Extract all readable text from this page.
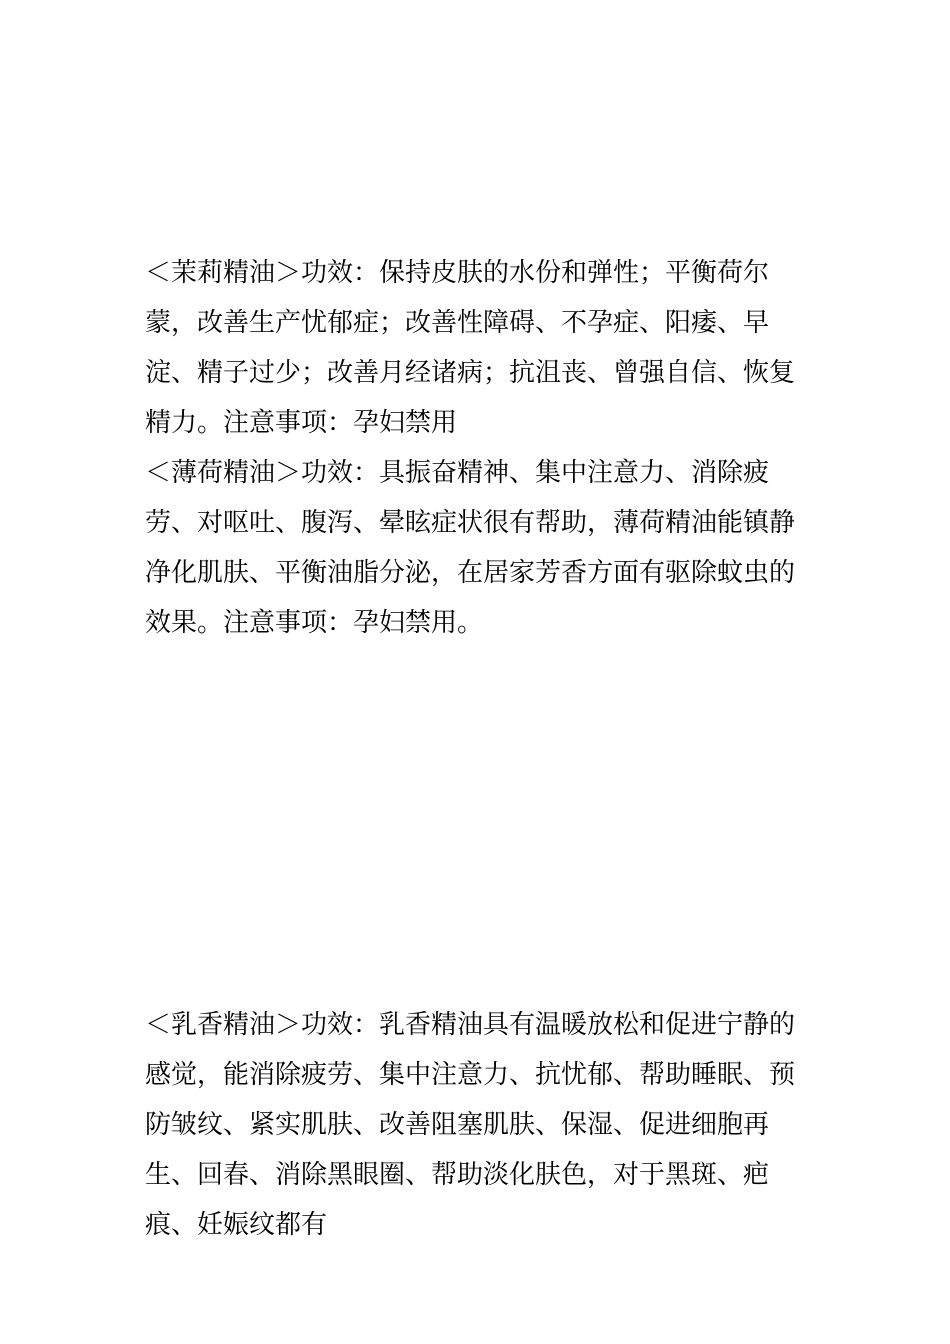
＜茉莉精油＞功效：保持皮肤的水份和弹性；平衡荷尔蒙，改善生产忧郁症；改善性障碍、不孕症、阳痿、早淀、精子过少；改善月经诸病；抗沮丧、曾强自信、恢复精力。注意事项：孕妇禁用

＜薄荷精油＞功效：具振奋精神、集中注意力、消除疲劳、对呕吐、腹泻、晕眩症状很有帮助，薄荷精油能镇静 净化肌肤、平衡油脂分泌，在居家芳香方面有驱除蚊虫的效果。注意事项：孕妇禁用。

＜乳香精油＞功效：乳香精油具有温暖放松和促进宁静的感觉，能消除疲劳、集中注意力、抗忧郁、帮助睡眠、预防皱纹、紧实肌肤、改善阻塞肌肤、保湿、促进细胞再生、回春、消除黑眼圈、帮助淡化肤色，对于黑斑、疤痕、妊娠纹都有
